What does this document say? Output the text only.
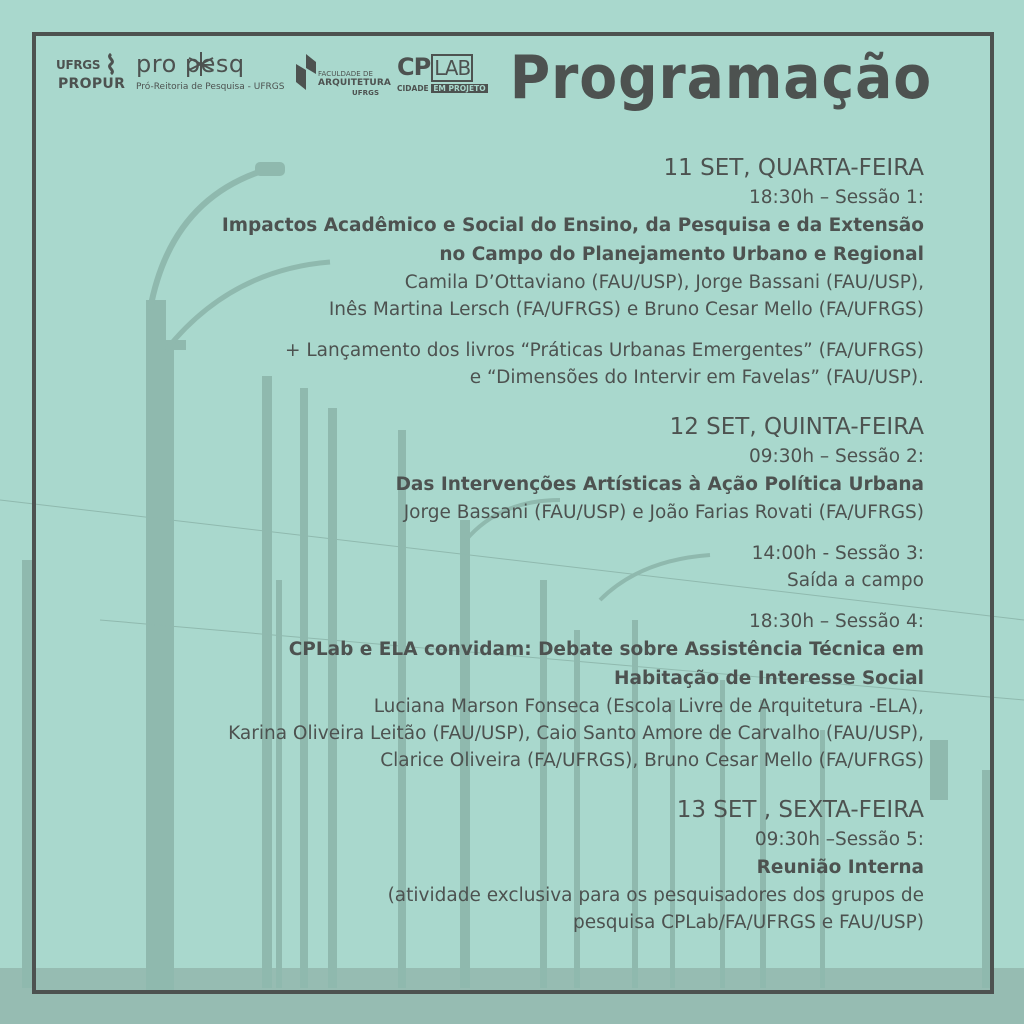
UFRGS
PROPUR
pro pesq
Pró-Reitoria de Pesquisa - UFRGS
FACULDADE DE
ARQUITETURA
UFRGS
CP LAB
CIDADE EM PROJETO Programação
11 SET, QUARTA-FEIRA
18:30h – Sessão 1:
Impactos Acadêmico e Social do Ensino, da Pesquisa e da Extensão
no Campo do Planejamento Urbano e Regional
Camila D’Ottaviano (FAU/USP), Jorge Bassani (FAU/USP),
Inês Martina Lersch (FA/UFRGS) e Bruno Cesar Mello (FA/UFRGS)
+ Lançamento dos livros “Práticas Urbanas Emergentes” (FA/UFRGS)
e “Dimensões do Intervir em Favelas” (FAU/USP).
12 SET, QUINTA-FEIRA
09:30h – Sessão 2:
Das Intervenções Artísticas à Ação Política Urbana
Jorge Bassani (FAU/USP) e João Farias Rovati (FA/UFRGS)
14:00h - Sessão 3:
Saída a campo
18:30h – Sessão 4:
CPLab e ELA convidam: Debate sobre Assistência Técnica em
Habitação de Interesse Social
Luciana Marson Fonseca (Escola Livre de Arquitetura -ELA),
Karina Oliveira Leitão (FAU/USP), Caio Santo Amore de Carvalho (FAU/USP),
Clarice Oliveira (FA/UFRGS), Bruno Cesar Mello (FA/UFRGS)
13 SET , SEXTA-FEIRA
09:30h –Sessão 5:
Reunião Interna
(atividade exclusiva para os pesquisadores dos grupos de
pesquisa CPLab/FA/UFRGS e FAU/USP)
